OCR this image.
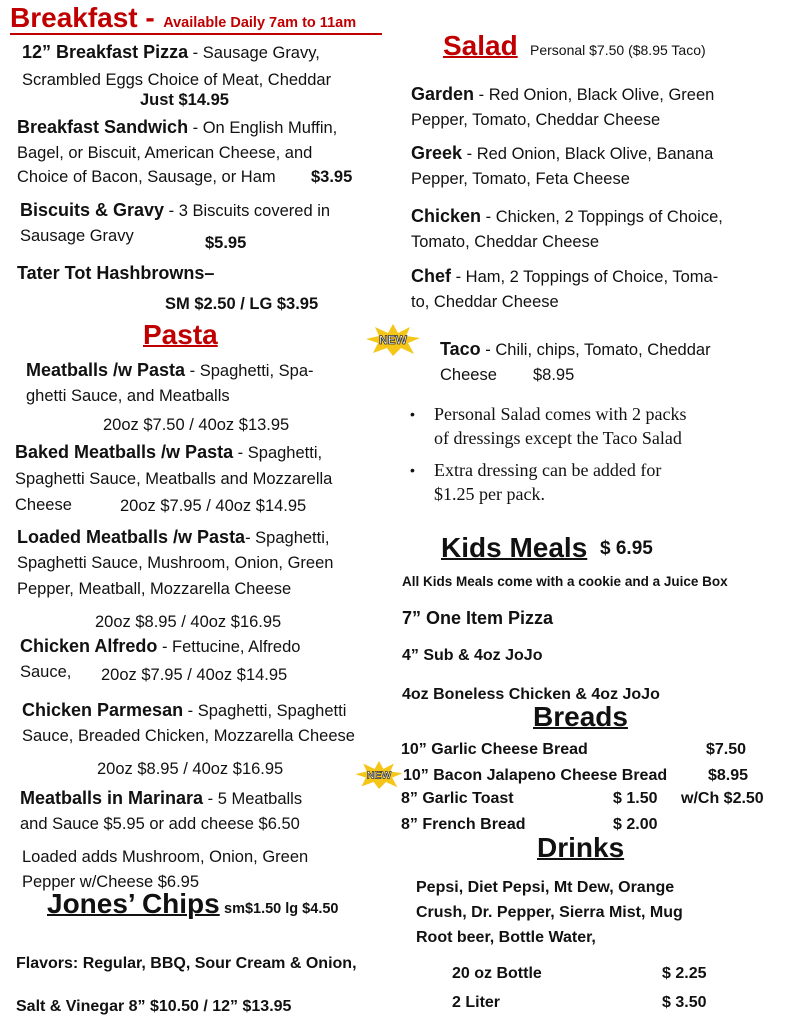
Breakfast - Available Daily 7am to 11am
12” Breakfast Pizza - Sausage Gravy,
Scrambled Eggs Choice of Meat, Cheddar
Just $14.95
Breakfast Sandwich - On English Muffin,
Bagel, or Biscuit, American Cheese, and
Choice of Bacon, Sausage, or Ham $3.95
Biscuits & Gravy - 3 Biscuits covered in
Sausage Gravy	$5.95
Tater Tot Hashbrowns–
SM $2.50 / LG $3.95
Pasta
Meatballs /w Pasta - Spaghetti, Spa-
ghetti Sauce, and Meatballs
20oz $7.50 / 40oz $13.95
Baked Meatballs /w Pasta - Spaghetti,
Spaghetti Sauce, Meatballs and Mozzarella
Cheese	20oz $7.95 / 40oz $14.95
Loaded Meatballs /w Pasta- Spaghetti,
Spaghetti Sauce, Mushroom, Onion, Green
Pepper, Meatball, Mozzarella Cheese
20oz $8.95 / 40oz $16.95
Chicken Alfredo - Fettucine, Alfredo
Sauce, 20oz $7.95 / 40oz $14.95
Chicken Parmesan - Spaghetti, Spaghetti
Sauce, Breaded Chicken, Mozzarella Cheese
20oz $8.95 / 40oz $16.95
Meatballs in Marinara - 5 Meatballs
and Sauce $5.95 or add cheese $6.50
Loaded adds Mushroom, Onion, Green
Pepper w/Cheese $6.95
Jones’ Chips sm$1.50 lg $4.50
Flavors: Regular, BBQ, Sour Cream & Onion,
Salt & Vinegar 8” $10.50 / 12” $13.95
Salad Personal $7.50 ($8.95 Taco)
Garden - Red Onion, Black Olive, Green
Pepper, Tomato, Cheddar Cheese
Greek - Red Onion, Black Olive, Banana
Pepper, Tomato, Feta Cheese
Chicken - Chicken, 2 Toppings of Choice,
Tomato, Cheddar Cheese
Chef - Ham, 2 Toppings of Choice, Toma-
to, Cheddar Cheese
NEW Taco - Chili, chips, Tomato, Cheddar
Cheese $8.95
• Personal Salad comes with 2 packs
of dressings except the Taco Salad
• Extra dressing can be added for
$1.25 per pack.
Kids Meals $ 6.95
All Kids Meals come with a cookie and a Juice Box
7” One Item Pizza
4” Sub & 4oz JoJo
4oz Boneless Chicken & 4oz JoJo
Breads
10” Garlic Cheese Bread	$7.50
NEW 10” Bacon Jalapeno Cheese Bread	$8.95
8” Garlic Toast	$ 1.50 w/Ch $2.50
8” French Bread	$ 2.00
Drinks
Pepsi, Diet Pepsi, Mt Dew, Orange
Crush, Dr. Pepper, Sierra Mist, Mug
Root beer, Bottle Water,
20 oz Bottle	$ 2.25
2 Liter	$ 3.50
